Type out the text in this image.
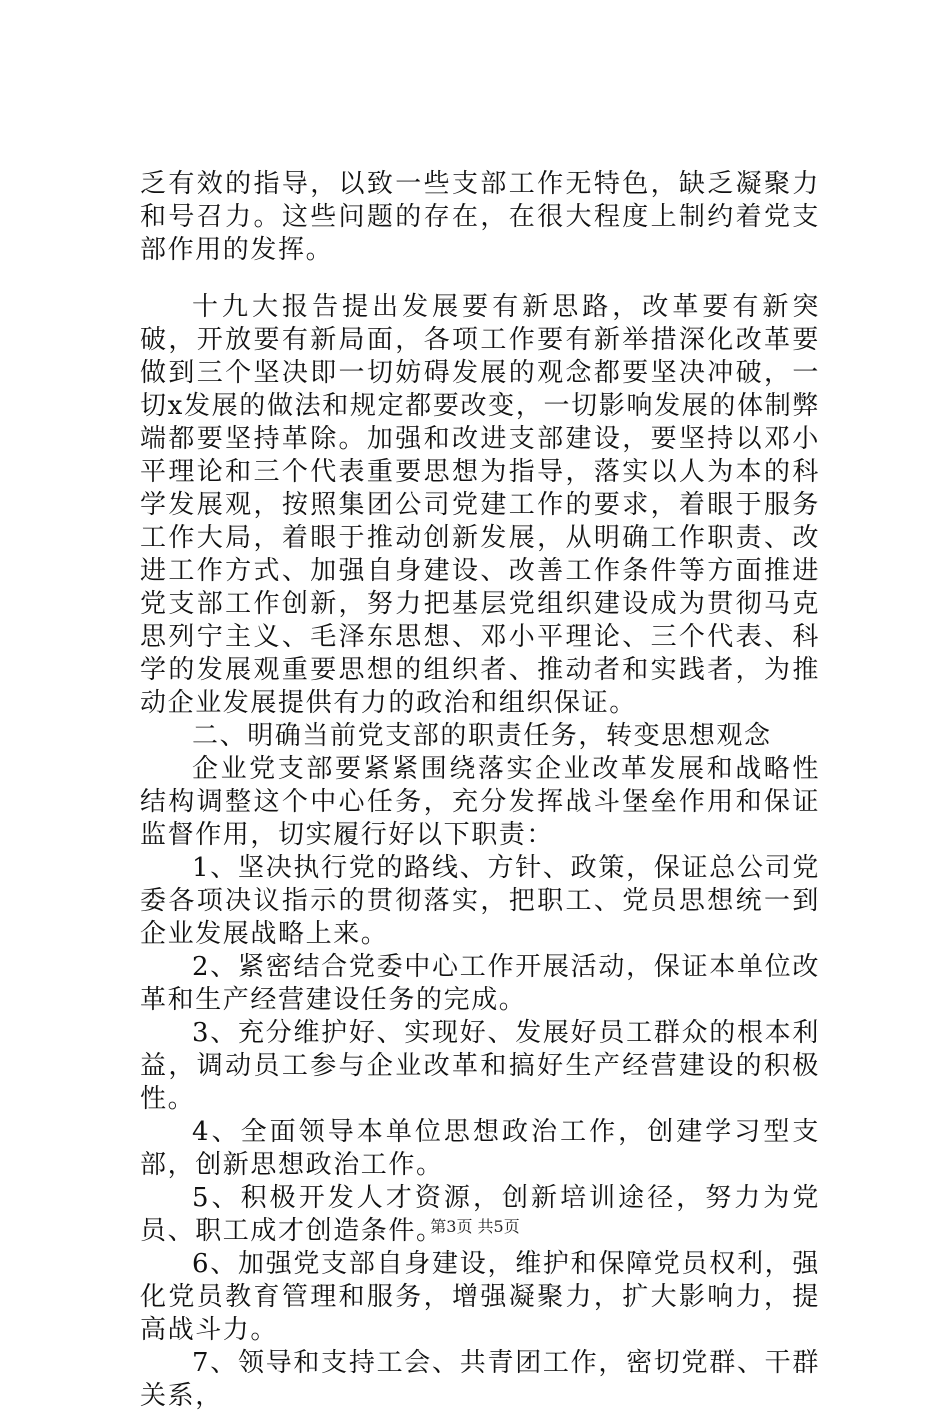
乏有效的指导，以致一些支部工作无特色，缺乏凝聚力和号召力。这些问题的存在，在很大程度上制约着党支部作用的发挥。

十九大报告提出发展要有新思路，改革要有新突破，开放要有新局面，各项工作要有新举措深化改革要做到三个坚决即一切妨碍发展的观念都要坚决冲破，一切x发展的做法和规定都要改变，一切影响发展的体制弊端都要坚持革除。加强和改进支部建设，要坚持以邓小平理论和三个代表重要思想为指导，落实以人为本的科学发展观，按照集团公司党建工作的要求，着眼于服务工作大局，着眼于推动创新发展，从明确工作职责、改进工作方式、加强自身建设、改善工作条件等方面推进党支部工作创新，努力把基层党组织建设成为贯彻马克思列宁主义、毛泽东思想、邓小平理论、三个代表、科学的发展观重要思想的组织者、推动者和实践者，为推动企业发展提供有力的政治和组织保证。

二、明确当前党支部的职责任务，转变思想观念

企业党支部要紧紧围绕落实企业改革发展和战略性结构调整这个中心任务，充分发挥战斗堡垒作用和保证监督作用，切实履行好以下职责：

1、坚决执行党的路线、方针、政策，保证总公司党委各项决议指示的贯彻落实，把职工、党员思想统一到企业发展战略上来。

2、紧密结合党委中心工作开展活动，保证本单位改革和生产经营建设任务的完成。

3、充分维护好、实现好、发展好员工群众的根本利益，调动员工参与企业改革和搞好生产经营建设的积极性。

4、全面领导本单位思想政治工作，创建学习型支部，创新思想政治工作。

5、积极开发人才资源，创新培训途径，努力为党员、职工成才创造条件。

6、加强党支部自身建设，维护和保障党员权利，强化党员教育管理和服务，增强凝聚力，扩大影响力，提高战斗力。

7、领导和支持工会、共青团工作，密切党群、干群关系，

第3页 共5页
